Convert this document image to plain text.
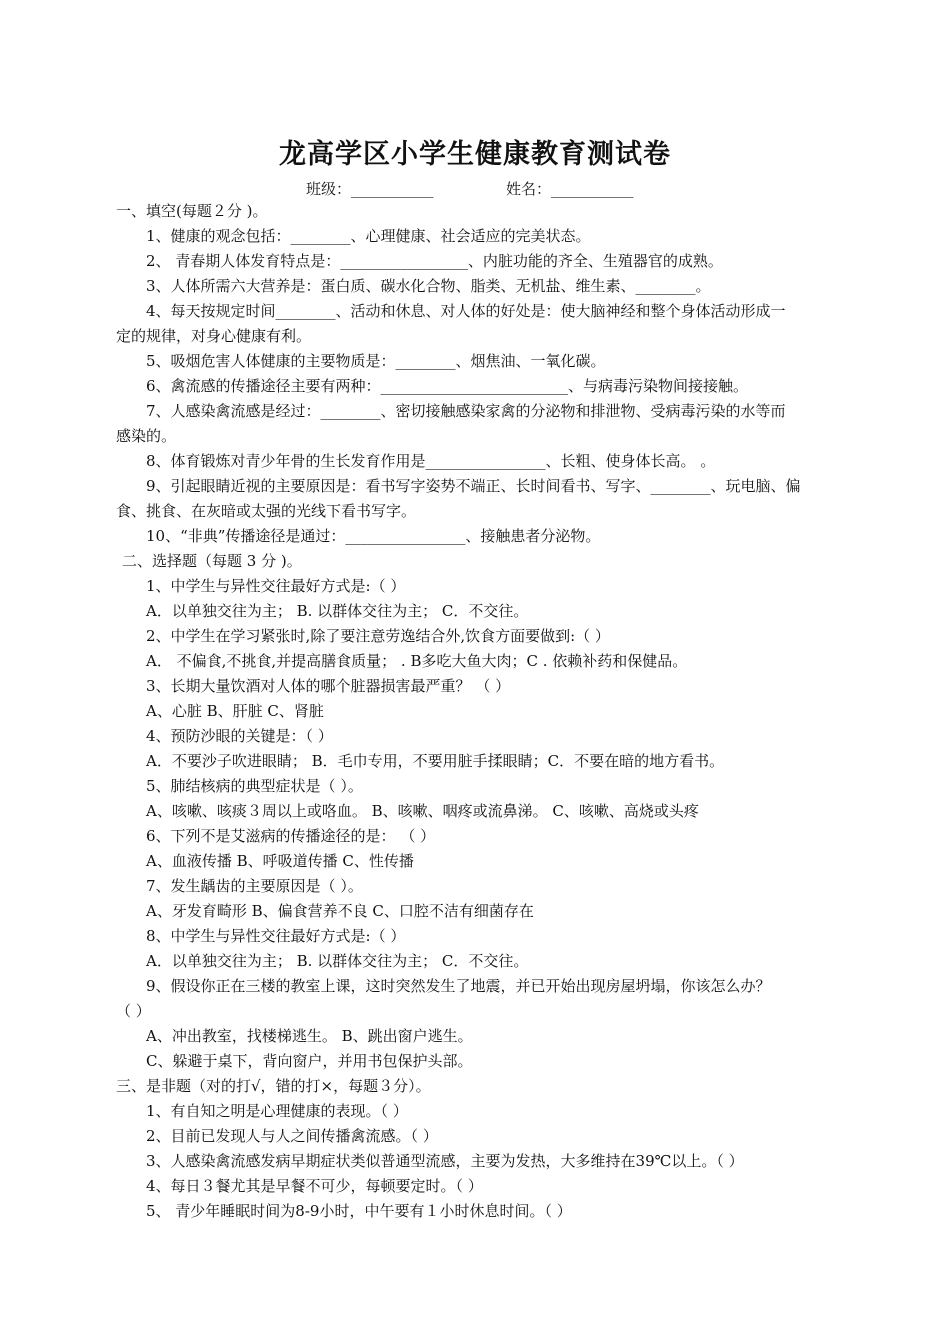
龙高学区小学生健康教育测试卷
班级：___________	姓名：___________
一、填空(每题２分 )。
1、健康的观念包括：________、心理健康、社会适应的完美状态。
2、 青春期人体发育特点是：_________________、内脏功能的齐全、生殖器官的成熟。
3、人体所需六大营养是：蛋白质、碳水化合物、脂类、无机盐、维生素、________。
4、每天按规定时间________、活动和休息、对人体的好处是：使大脑神经和整个身体活动形成一
定的规律，对身心健康有利。
5、吸烟危害人体健康的主要物质是：________、烟焦油、一氧化碳。
6、禽流感的传播途径主要有两种：_________________________、与病毒污染物间接接触。
7、人感染禽流感是经过：________、密切接触感染家禽的分泌物和排泄物、受病毒污染的水等而
感染的。
8、体育锻炼对青少年骨的生长发育作用是________________、长粗、使身体长高。 。
9、引起眼睛近视的主要原因是：看书写字姿势不端正、长时间看书、写字、________、玩电脑、偏
食、挑食、在灰暗或太强的光线下看书写字。
10、“非典”传播途径是通过：________________、接触患者分泌物。
二、选择题（每题 3 分 )。
1、中学生与异性交往最好方式是:（ ）
A．以单独交往为主； B. 以群体交往为主； C．不交往。
2、中学生在学习紧张时,除了要注意劳逸结合外,饮食方面要做到:（ ）
A． 不偏食,不挑食,并提高膳食质量； . B多吃大鱼大肉；C . 依赖补药和保健品。
3、长期大量饮酒对人体的哪个脏器损害最严重？ （ ）
A、心脏 B、肝脏 C、肾脏
4、预防沙眼的关键是：（ ）
A．不要沙子吹进眼睛； B．毛巾专用，不要用脏手揉眼睛；C．不要在暗的地方看书。
5、肺结核病的典型症状是（ ）。
A、咳嗽、咳痰３周以上或咯血。 B、咳嗽、咽疼或流鼻涕。 C、咳嗽、高烧或头疼
6、下列不是艾滋病的传播途径的是： （ ）
A、血液传播 B、呼吸道传播 C、性传播
7、发生龋齿的主要原因是（ ）。
A、牙发育畸形 B、偏食营养不良 C、口腔不洁有细菌存在
8、中学生与异性交往最好方式是:（ ）
A．以单独交往为主； B. 以群体交往为主； C．不交往。
9、假设你正在三楼的教室上课，这时突然发生了地震，并已开始出现房屋坍塌，你该怎么办？
（ ）
A、冲出教室，找楼梯逃生。 B、跳出窗户逃生。
C、躲避于桌下，背向窗户，并用书包保护头部。
三、是非题（对的打√，错的打×，每题３分）。
1、有自知之明是心理健康的表现。（ ）
2、目前已发现人与人之间传播禽流感。（ ）
3、人感染禽流感发病早期症状类似普通型流感，主要为发热，大多维持在39℃以上。（ ）
4、每日３餐尤其是早餐不可少，每顿要定时。（ ）
5、 青少年睡眠时间为8-9小时，中午要有１小时休息时间。（ ）
